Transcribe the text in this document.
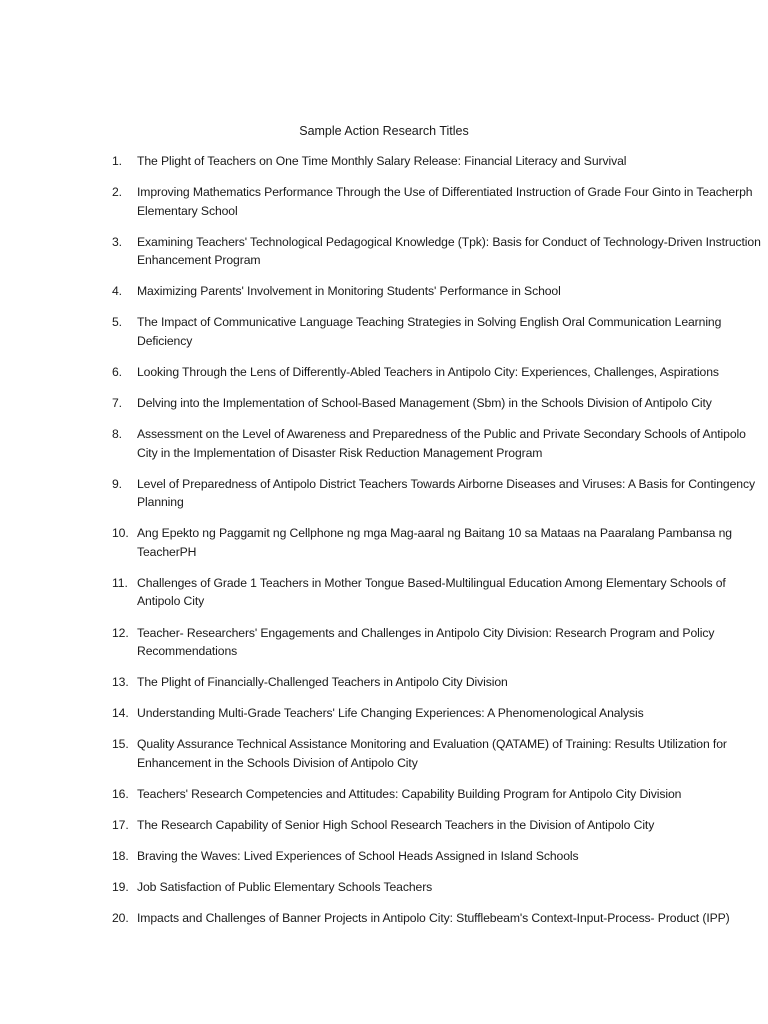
Sample Action Research Titles
1.	The Plight of Teachers on One Time Monthly Salary Release: Financial Literacy and Survival
2.	Improving Mathematics Performance Through the Use of Differentiated Instruction of Grade Four Ginto in Teacherph Elementary School
3.	Examining Teachers' Technological Pedagogical Knowledge (Tpk): Basis for Conduct of Technology-Driven Instruction Enhancement Program
4.	Maximizing Parents' Involvement in Monitoring Students' Performance in School
5.	The Impact of Communicative Language Teaching Strategies in Solving English Oral Communication Learning Deficiency
6.	Looking Through the Lens of Differently-Abled Teachers in Antipolo City: Experiences, Challenges, Aspirations
7.	Delving into the Implementation of School-Based Management (Sbm) in the Schools Division of Antipolo City
8.	Assessment on the Level of Awareness and Preparedness of the Public and Private Secondary Schools of Antipolo City in the Implementation of Disaster Risk Reduction Management Program
9.	Level of Preparedness of Antipolo District Teachers Towards Airborne Diseases and Viruses: A Basis for Contingency Planning
10. Ang Epekto ng Paggamit ng Cellphone ng mga Mag-aaral ng Baitang 10 sa Mataas na Paaralang Pambansa ng TeacherPH
11. Challenges of Grade 1 Teachers in Mother Tongue Based-Multilingual Education Among Elementary Schools of Antipolo City
12. Teacher- Researchers' Engagements and Challenges in Antipolo City Division: Research Program and Policy Recommendations
13. The Plight of Financially-Challenged Teachers in Antipolo City Division
14. Understanding Multi-Grade Teachers' Life Changing Experiences: A Phenomenological Analysis
15. Quality Assurance Technical Assistance Monitoring and Evaluation (QATAME) of Training: Results Utilization for Enhancement in the Schools Division of Antipolo City
16. Teachers' Research Competencies and Attitudes: Capability Building Program for Antipolo City Division
17. The Research Capability of Senior High School Research Teachers in the Division of Antipolo City
18. Braving the Waves: Lived Experiences of School Heads Assigned in Island Schools
19. Job Satisfaction of Public Elementary Schools Teachers
20. Impacts and Challenges of Banner Projects in Antipolo City: Stufflebeam's Context-Input-Process- Product (IPP)
